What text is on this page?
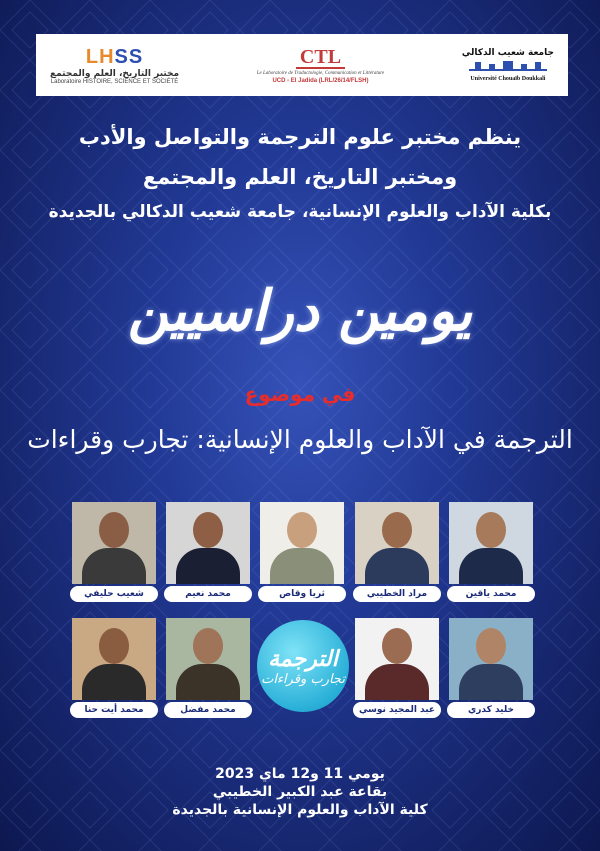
LHSS
مختبر التاريخ، العلم والمجتمع
Laboratoire HISTOIRE, SCIENCE ET SOCIÉTÉ
CTL
Le Laboratoire de Traductologie, Communication et Littérature
UCD - El Jadida (LRL/26/14/FLSH)
جامعة شعيب الدكالي
Université Chouaïb Doukkali
ينظم مختبر علوم الترجمة والتواصل والأدب
ومختبر التاريخ، العلم والمجتمع
بكلية الآداب والعلوم الإنسانية، جامعة شعيب الدكالي بالجديدة
يومين دراسيين
في موضوع
الترجمة في الآداب والعلوم الإنسانية: تجارب وقراءات
محمد ياقين
مراد الخطيبي
ثريا وقاص
محمد نعيم
شعيب حليفي
خليد كدري
عبد المجيد نوسي
الترجمة
تجارب وقراءات
محمد مفضل
محمد أيت حنا
يومي 11 و12 ماي 2023
بقاعة عبد الكبير الخطيبي
كلية الآداب والعلوم الإنسانية بالجديدة
